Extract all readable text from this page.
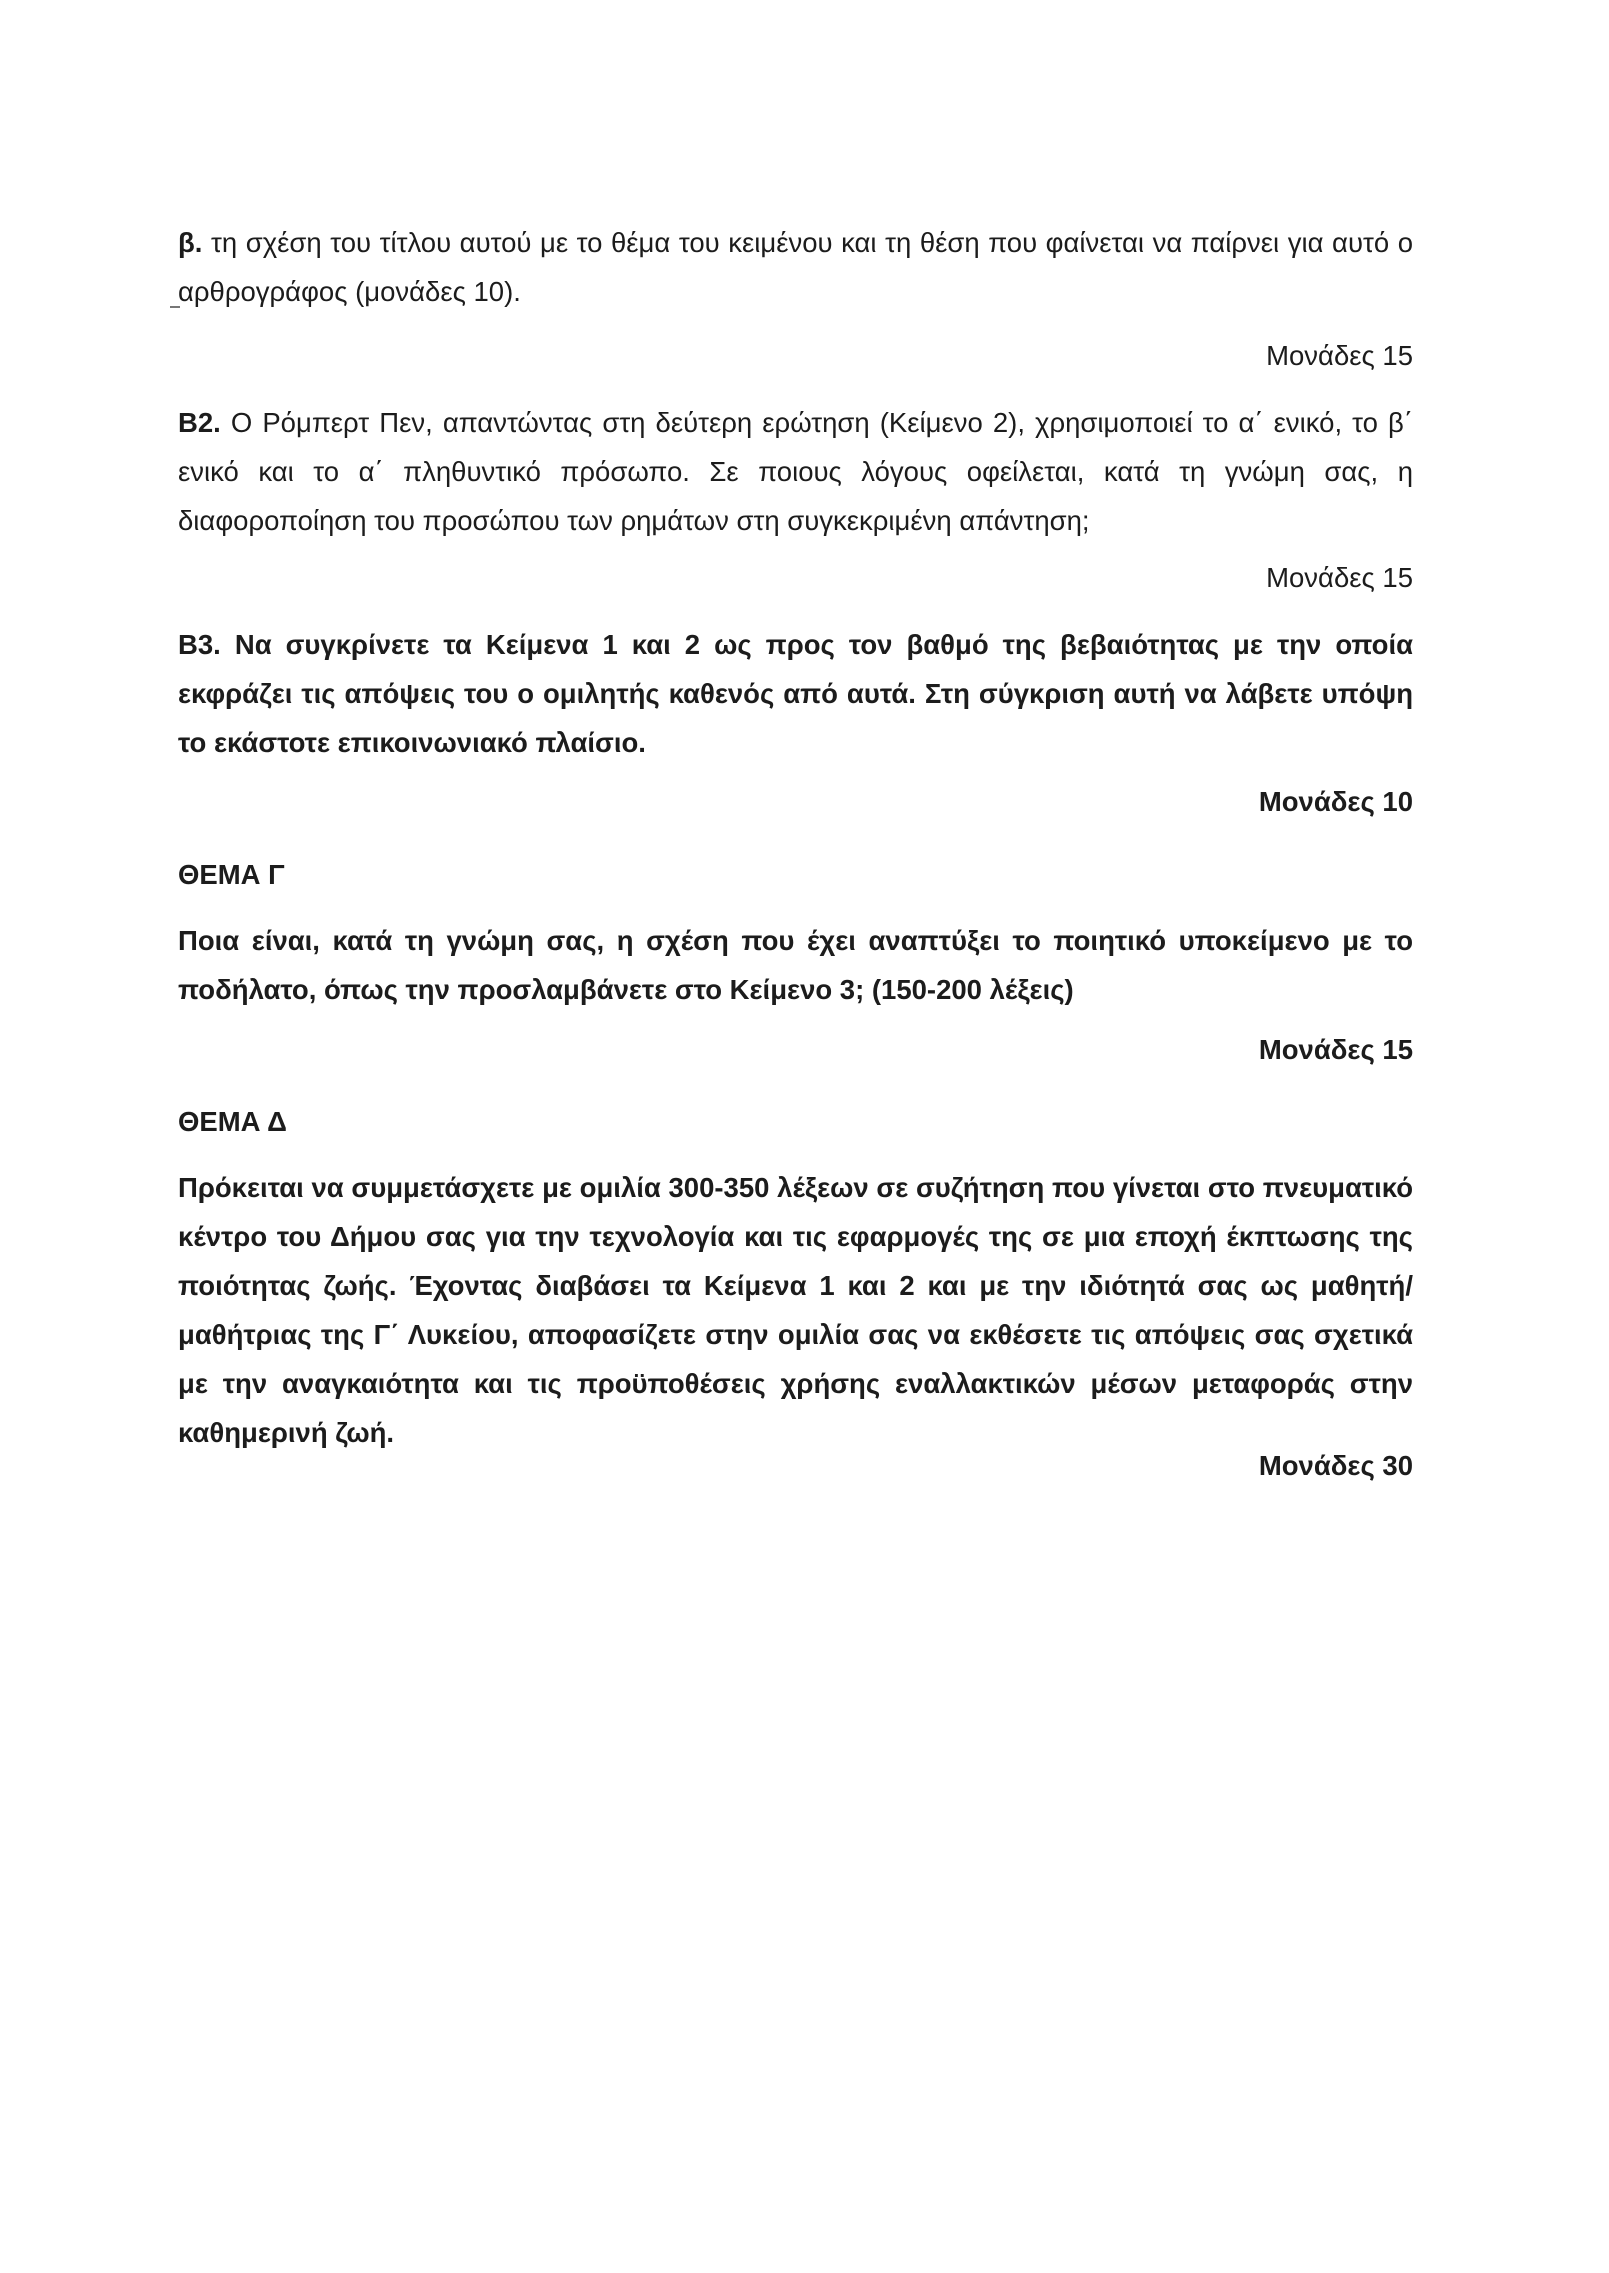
β. τη σχέση του τίτλου αυτού με το θέμα του κειμένου και τη θέση που φαίνεται να παίρνει για αυτό ο αρθρογράφος (μονάδες 10).

Μονάδες 15

Β2. Ο Ρόμπερτ Πεν, απαντώντας στη δεύτερη ερώτηση (Κείμενο 2), χρησιμοποιεί το α΄ ενικό, το β΄ ενικό και το α΄ πληθυντικό πρόσωπο. Σε ποιους λόγους οφείλεται, κατά τη γνώμη σας, η διαφοροποίηση του προσώπου των ρημάτων στη συγκεκριμένη απάντηση;

Μονάδες 15

Β3. Να συγκρίνετε τα Κείμενα 1 και 2 ως προς τον βαθμό της βεβαιότητας με την οποία εκφράζει τις απόψεις του ο ομιλητής καθενός από αυτά. Στη σύγκριση αυτή να λάβετε υπόψη το εκάστοτε επικοινωνιακό πλαίσιο.

Μονάδες 10

ΘΕΜΑ Γ

Ποια είναι, κατά τη γνώμη σας, η σχέση που έχει αναπτύξει το ποιητικό υποκείμενο με το ποδήλατο, όπως την προσλαμβάνετε στο Κείμενο 3; (150-200 λέξεις)

Μονάδες 15

ΘΕΜΑ Δ

Πρόκειται να συμμετάσχετε με ομιλία 300-350 λέξεων σε συζήτηση που γίνεται στο πνευματικό κέντρο του Δήμου σας για την τεχνολογία και τις εφαρμογές της σε μια εποχή έκπτωσης της ποιότητας ζωής. Έχοντας διαβάσει τα Κείμενα 1 και 2 και με την ιδιότητά σας ως μαθητή/μαθήτριας της Γ΄ Λυκείου, αποφασίζετε στην ομιλία σας να εκθέσετε τις απόψεις σας σχετικά με την αναγκαιότητα και τις προϋποθέσεις χρήσης εναλλακτικών μέσων μεταφοράς στην καθημερινή ζωή.

Μονάδες 30
